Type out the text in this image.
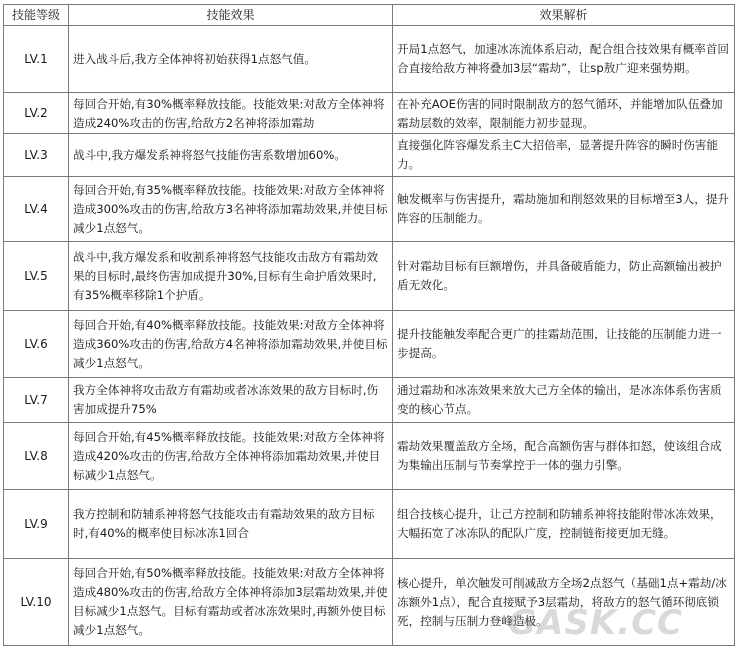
技能等级	技能效果	效果解析
LV.1	进入战斗后,我方全体神将初始获得1点怒气值。	开局1点怒气，加速冰冻流体系启动，配合组合技效果有概率首回合直接给敌方神将叠加3层“霜劫”，让sp敖广迎来强势期。
LV.2	每回合开始,有30%概率释放技能。技能效果:对敌方全体神将造成240%攻击的伤害,给敌方2名神将添加霜劫	在补充AOE伤害的同时限制敌方的怒气循环，并能增加队伍叠加霜劫层数的效率，限制能力初步显现。

LV.3	战斗中,我方爆发系神将怒气技能伤害系数增加60%。	直接强化阵容爆发系主C大招倍率，显著提升阵容的瞬时伤害能力。
LV.4	每回合开始,有35%概率释放技能。技能效果:对敌方全体神将造成300%攻击的伤害,给敌方3名神将添加霜劫效果,并使目标减少1点怒气。	触发概率与伤害提升，霜劫施加和削怒效果的目标增至3人，提升阵容的压制能力。
LV.5	战斗中,我方爆发系和收割系神将怒气技能攻击敌方有霜劫效果的目标时,最终伤害加成提升30%,目标有生命护盾效果时,有35%概率移除1个护盾。	针对霜劫目标有巨额增伤，并具备破盾能力，防止高额输出被护盾无效化。
LV.6	每回合开始,有40%概率释放技能。技能效果:对敌方全体神将造成360%攻击的伤害,给敌方4名神将添加霜劫效果,并使目标减少1点怒气。	提升技能触发率配合更广的挂霜劫范围，让技能的压制能力进一步提高。
LV.7	我方全体神将攻击敌方有霜劫或者冰冻效果的敌方目标时,伤害加成提升75%	通过霜劫和冰冻效果来放大己方全体的输出，是冰冻体系伤害质变的核心节点。
LV.8	每回合开始,有45%概率释放技能。技能效果:对敌方全体神将造成420%攻击的伤害,给敌方全体神将添加霜劫效果,并使目标减少1点怒气。	霜劫效果覆盖敌方全场，配合高额伤害与群体扣怒，使该组合成为集输出压制与节奏掌控于一体的强力引擎。
LV.9	我方控制和防辅系神将怒气技能攻击有霜劫效果的敌方目标时,有40%的概率使目标冰冻1回合	组合技核心提升，让己方控制和防辅系神将技能附带冰冻效果，大幅拓宽了冰冻队的配队广度，控制链衔接更加无缝。
LV.10	每回合开始,有50%概率释放技能。技能效果:对敌方全体神将造成480%攻击的伤害,给敌方全体神将添加3层霜劫效果,并使目标减少1点怒气。目标有霜劫或者冰冻效果时,再额外使目标减少1点怒气。	核心提升，单次触发可削减敌方全场2点怒气（基础1点+霜劫/冰冻额外1点），配合直接赋予3层霜劫，将敌方的怒气循环彻底锁死，控制与压制力登峰造极。
GASK.CC
